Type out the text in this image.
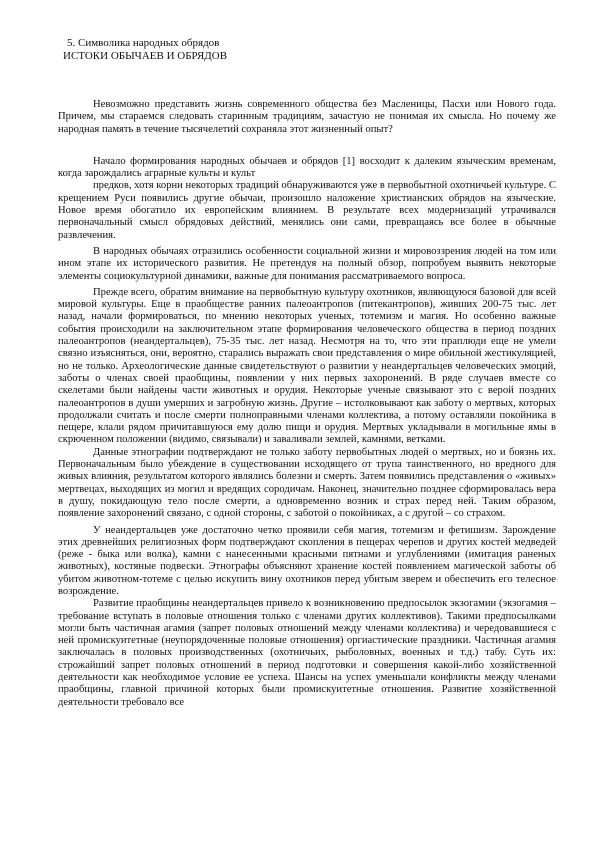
5. Символика народных обрядов
ИСТОКИ ОБЫЧАЕВ И ОБРЯДОВ

Невозможно представить жизнь современного общества без Масленицы, Пасхи или Нового года. Причем, мы стараемся следовать старинным традициям, зачастую не понимая их смысла. Но почему же народная память в течение тысячелетий сохраняла этот жизненный опыт?

Начало формирования народных обычаев и обрядов [1] восходит к далеким языческим временам, когда зарождались аграрные культы и культ

предков, хотя корни некоторых традиций обнаруживаются уже в первобытной охотничьей культуре. С крещением Руси появились другие обычаи, произошло наложение христианских обрядов на языческие. Новое время обогатило их европейским влиянием. В результате всех модернизаций утрачивался первоначальный смысл обрядовых действий, менялись они сами, превращаясь все более в обычные развлечения.

В народных обычаях отразились особенности социальной жизни и мировоззрения людей на том или ином этапе их исторического развития. Не претендуя на полный обзор, попробуем выявить некоторые элементы социокультурной динамики, важные для понимания рассматриваемого вопроса.

Прежде всего, обратим внимание на первобытную культуру охотников, являющуюся базовой для всей мировой культуры. Еще в праобществе ранних палеоантропов (питекантропов), живших 200-75 тыс. лет назад, начали формироваться, по мнению некоторых ученых, тотемизм и магия. Но особенно важные события происходили на заключительном этапе формирования человеческого общества в период поздних палеоантропов (неандертальцев), 75-35 тыс. лет назад. Несмотря на то, что эти праплюди еще не умели связно изъясняться, они, вероятно, старались выражать свои представления о мире обильной жестикуляцией, но не только. Археологические данные свидетельствуют о развитии у неандертальцев человеческих эмоций, заботы о членах своей праобщины, появлении у них первых захоронений. В ряде случаев вместе со скелетами были найдены части животных и орудия. Некоторые ученые связывают это с верой поздних палеоантропов в души умерших и загробную жизнь. Другие – истолковывают как заботу о мертвых, которых продолжали считать и после смерти полноправными членами коллектива, а потому оставляли покойника в пещере, клали рядом причитавшуюся ему долю пищи и орудия. Мертвых укладывали в могильные ямы в скрюченном положении (видимо, связывали) и заваливали землей, камнями, ветками.

Данные этнографии подтверждают не только заботу первобытных людей о мертвых, но и боязнь их. Первоначальным было убеждение в существовании исходящего от трупа таинственного, но вредного для живых влияния, результатом которого являлись болезни и смерть. Затем появились представления о «живых» мертвецах, выходящих из могил и вредящих сородичам. Наконец, значительно позднее сформировалась вера в душу, покидающую тело после смерти, а одновременно возник и страх перед ней. Таким образом, появление захоронений связано, с одной стороны, с заботой о покойниках, а с другой – со страхом.

У неандертальцев уже достаточно четко проявили себя магия, тотемизм и фетишизм. Зарождение этих древнейших религиозных форм подтверждают скопления в пещерах черепов и других костей медведей (реже - быка или волка), камни с нанесенными красными пятнами и углублениями (имитация раненых животных), костяные подвески. Этнографы объясняют хранение костей появлением магической заботы об убитом животном-тотеме с целью искупить вину охотников перед убитым зверем и обеспечить его телесное возрождение.

Развитие праобщины неандертальцев привело к возникновению предпосылок экзогамии (экзогамия – требование вступать в половые отношения только с членами других коллективов). Такими предпосылками могли быть частичная агамия (запрет половых отношений между членами коллектива) и чередовавшиеся с ней промискуитетные (неупорядоченные половые отношения) оргиастические праздники. Частичная агамия заключалась в половых производственных (охотничьих, рыболовных, военных и т.д.) табу. Суть их: строжайший запрет половых отношений в период подготовки и совершения какой-либо хозяйственной деятельности как необходимое условие ее успеха. Шансы на успех уменьшали конфликты между членами праобщины, главной причиной которых были промискуитетные отношения. Развитие хозяйственной деятельности требовало все
